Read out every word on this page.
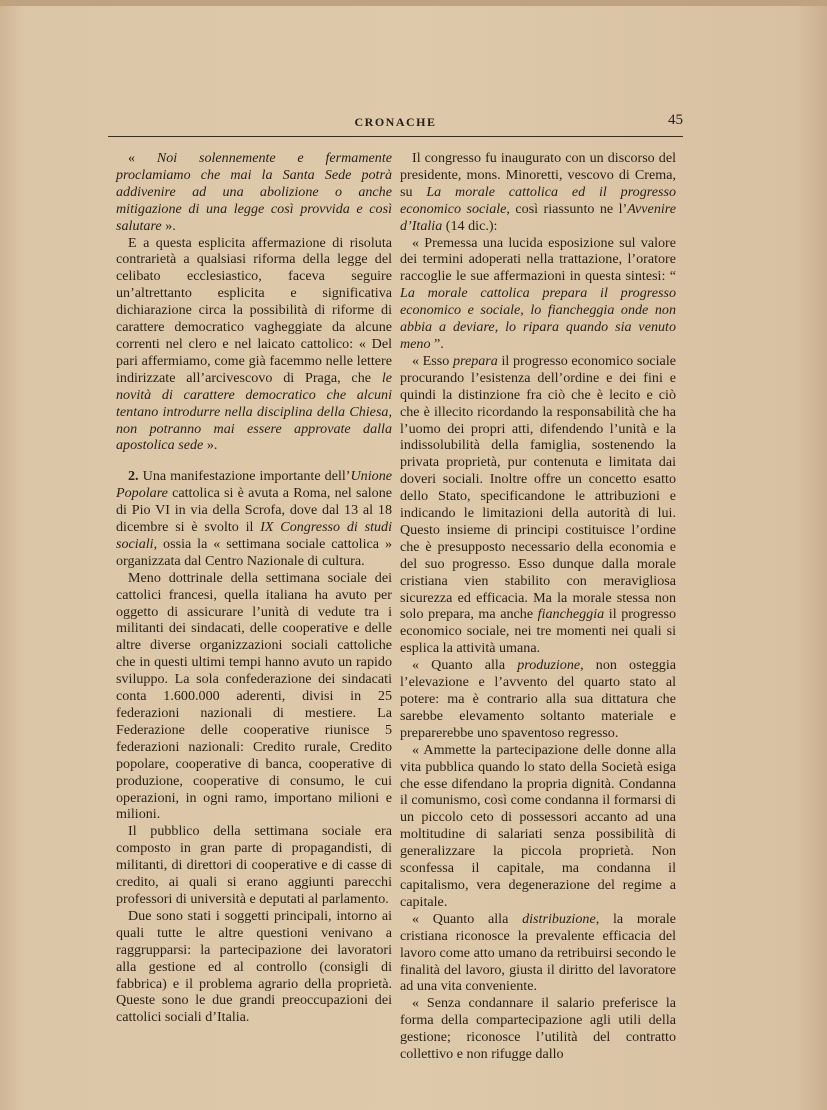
CRONACHE	45

« Noi solennemente e fermamente proclamiamo che mai la Santa Sede potrà addivenire ad una abolizione o anche mitigazione di una legge così provvida e così salutare ».

E a questa esplicita affermazione di risoluta contrarietà a qualsiasi riforma della legge del celibato ecclesiastico, faceva seguire un’altrettanto esplicita e significativa dichiarazione circa la possibilità di riforme di carattere democratico vagheggiate da alcune correnti nel clero e nel laicato cattolico: « Del pari affermiamo, come già facemmo nelle lettere indirizzate all’arcivescovo di Praga, che le novità di carattere democratico che alcuni tentano introdurre nella disciplina della Chiesa, non potranno mai essere approvate dalla apostolica sede ».

2. Una manifestazione importante dell’Unione Popolare cattolica si è avuta a Roma, nel salone di Pio VI in via della Scrofa, dove dal 13 al 18 dicembre si è svolto il IX Congresso di studi sociali, ossia la « settimana sociale cattolica » organizzata dal Centro Nazionale di cultura.

Meno dottrinale della settimana sociale dei cattolici francesi, quella italiana ha avuto per oggetto di assicurare l’unità di vedute tra i militanti dei sindacati, delle cooperative e delle altre diverse organizzazioni sociali cattoliche che in questi ultimi tempi hanno avuto un rapido sviluppo. La sola confederazione dei sindacati conta 1.600.000 aderenti, divisi in 25 federazioni nazionali di mestiere. La Federazione delle cooperative riunisce 5 federazioni nazionali: Credito rurale, Credito popolare, cooperative di banca, cooperative di produzione, cooperative di consumo, le cui operazioni, in ogni ramo, importano milioni e milioni.

Il pubblico della settimana sociale era composto in gran parte di propagandisti, di militanti, di direttori di cooperative e di casse di credito, ai quali si erano aggiunti parecchi professori di università e deputati al parlamento.

Due sono stati i soggetti principali, intorno ai quali tutte le altre questioni venivano a raggrupparsi: la partecipazione dei lavoratori alla gestione ed al controllo (consigli di fabbrica) e il problema agrario della proprietà. Queste sono le due grandi preoccupazioni dei cattolici sociali d’Italia.

Il congresso fu inaugurato con un discorso del presidente, mons. Minoretti, vescovo di Crema, su La morale cattolica ed il progresso economico sociale, così riassunto ne l’Avvenire d’Italia (14 dic.):

« Premessa una lucida esposizione sul valore dei termini adoperati nella trattazione, l’oratore raccoglie le sue affermazioni in questa sintesi: “ La morale cattolica prepara il progresso economico e sociale, lo fiancheggia onde non abbia a deviare, lo ripara quando sia venuto meno ”.

« Esso prepara il progresso economico sociale procurando l’esistenza dell’ordine e dei fini e quindi la distinzione fra ciò che è lecito e ciò che è illecito ricordando la responsabilità che ha l’uomo dei propri atti, difendendo l’unità e la indissolubilità della famiglia, sostenendo la privata proprietà, pur contenuta e limitata dai doveri sociali. Inoltre offre un concetto esatto dello Stato, specificandone le attribuzioni e indicando le limitazioni della autorità di lui. Questo insieme di principi costituisce l’ordine che è presupposto necessario della economia e del suo progresso. Esso dunque dalla morale cristiana vien stabilito con meravigliosa sicurezza ed efficacia. Ma la morale stessa non solo prepara, ma anche fiancheggia il progresso economico sociale, nei tre momenti nei quali si esplica la attività umana.

« Quanto alla produzione, non osteggia l’elevazione e l’avvento del quarto stato al potere: ma è contrario alla sua dittatura che sarebbe elevamento soltanto materiale e preparerebbe uno spaventoso regresso.

« Ammette la partecipazione delle donne alla vita pubblica quando lo stato della Società esiga che esse difendano la propria dignità. Condanna il comunismo, così come condanna il formarsi di un piccolo ceto di possessori accanto ad una moltitudine di salariati senza possibilità di generalizzare la piccola proprietà. Non sconfessa il capitale, ma condanna il capitalismo, vera degenerazione del regime a capitale.

« Quanto alla distribuzione, la morale cristiana riconosce la prevalente efficacia del lavoro come atto umano da retribuirsi secondo le finalità del lavoro, giusta il diritto del lavoratore ad una vita conveniente.

« Senza condannare il salario preferisce la forma della compartecipazione agli utili della gestione; riconosce l’utilità del contratto collettivo e non rifugge dallo
